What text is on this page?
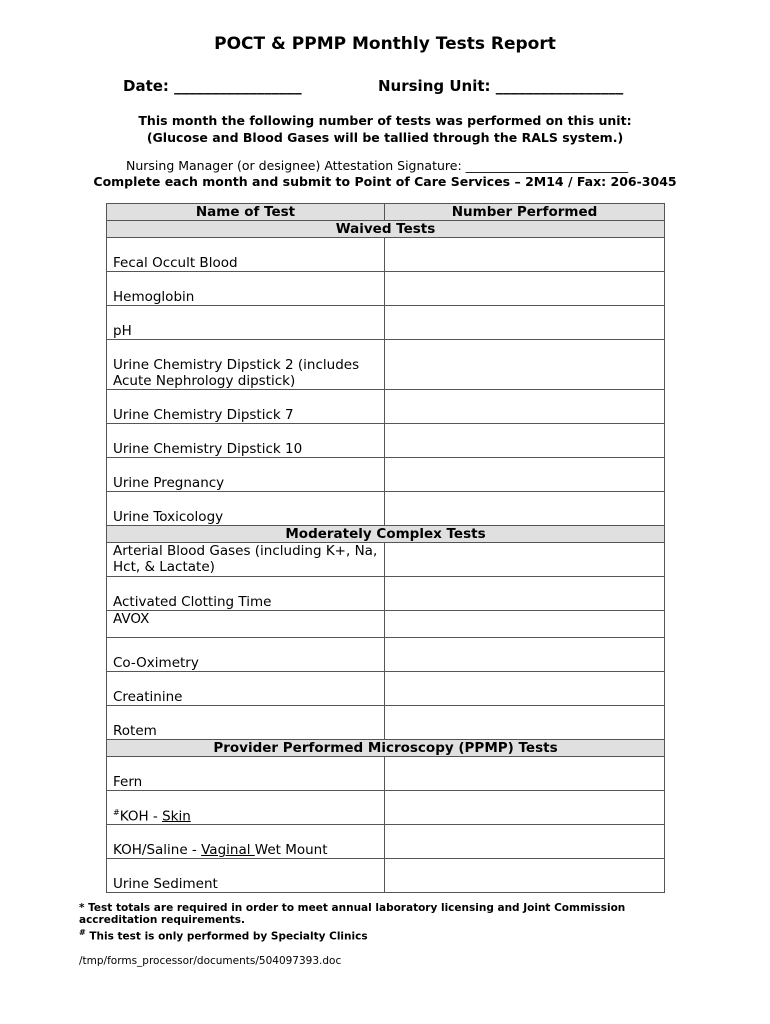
POCT & PPMP Monthly Tests Report
Date: _________________	Nursing Unit: _________________
This month the following number of tests was performed on this unit:
(Glucose and Blood Gases will be tallied through the RALS system.)
Nursing Manager (or designee) Attestation Signature: __________________________
Complete each month and submit to Point of Care Services – 2M14 / Fax: 206-3045
Name of Test	Number Performed
Waived Tests	
Fecal Occult Blood	
Hemoglobin	
pH	
Urine Chemistry Dipstick 2 (includes Acute Nephrology dipstick)	
Urine Chemistry Dipstick 7	
Urine Chemistry Dipstick 10	
Urine Pregnancy	
Urine Toxicology	
Moderately Complex Tests	
Arterial Blood Gases (including K+, Na, Hct, & Lactate)	
Activated Clotting Time	
AVOX	
Co-Oximetry	
Creatinine	
Rotem	
Provider Performed Microscopy (PPMP) Tests	
Fern	
#KOH - Skin	
KOH/Saline - Vaginal Wet Mount	
Urine Sediment	
* Test totals are required in order to meet annual laboratory licensing and Joint Commission accreditation requirements.
# This test is only performed by Specialty Clinics
/tmp/forms_processor/documents/504097393.doc
